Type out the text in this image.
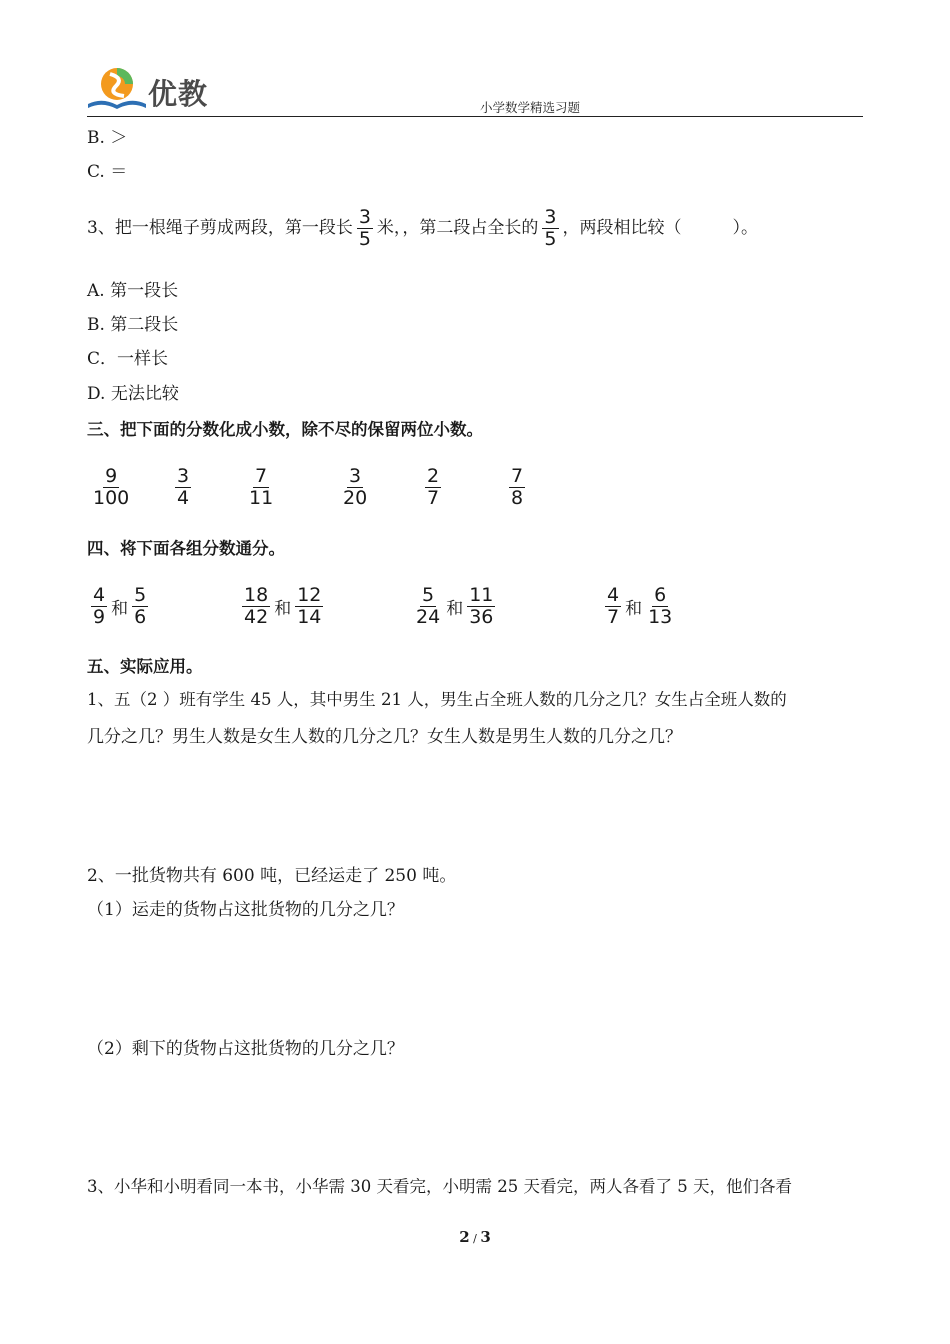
优教	小学数学精选习题
B. ＞
C. ＝
3、把一根绳子剪成两段，第一段长 $\frac{3}{5}$ 米，，第二段占全长的 $\frac{3}{5}$ ，两段相比较（　　　）。
A. 第一段长
B. 第二段长
C．一样长
D. 无法比较
三、把下面的分数化成小数，除不尽的保留两位小数。
$\frac{9}{100} \frac{3}{4}$	$\frac{7}{11}$	$\frac{3}{20}$	$\frac{2}{7}$	$\frac{7}{8}$
四、将下面各组分数通分。
$\frac{4}{9}$ 和 $\frac{5}{6}$	$\frac{18}{42}$ 和 $\frac{12}{14}$	$\frac{5}{24}$ 和 $\frac{11}{36}$	$\frac{4}{7}$ 和 $\frac{6}{13}$
五、实际应用。
1、五（2 ）班有学生 45 人，其中男生 21 人，男生占全班人数的几分之几？女生占全班人数的
几分之几？男生人数是女生人数的几分之几？女生人数是男生人数的几分之几？
2、一批货物共有 600 吨，已经运走了 250 吨。
（1）运走的货物占这批货物的几分之几？
（2）剩下的货物占这批货物的几分之几？
3、小华和小明看同一本书，小华需 30 天看完，小明需 25 天看完，两人各看了 5 天，他们各看
2 / 3
